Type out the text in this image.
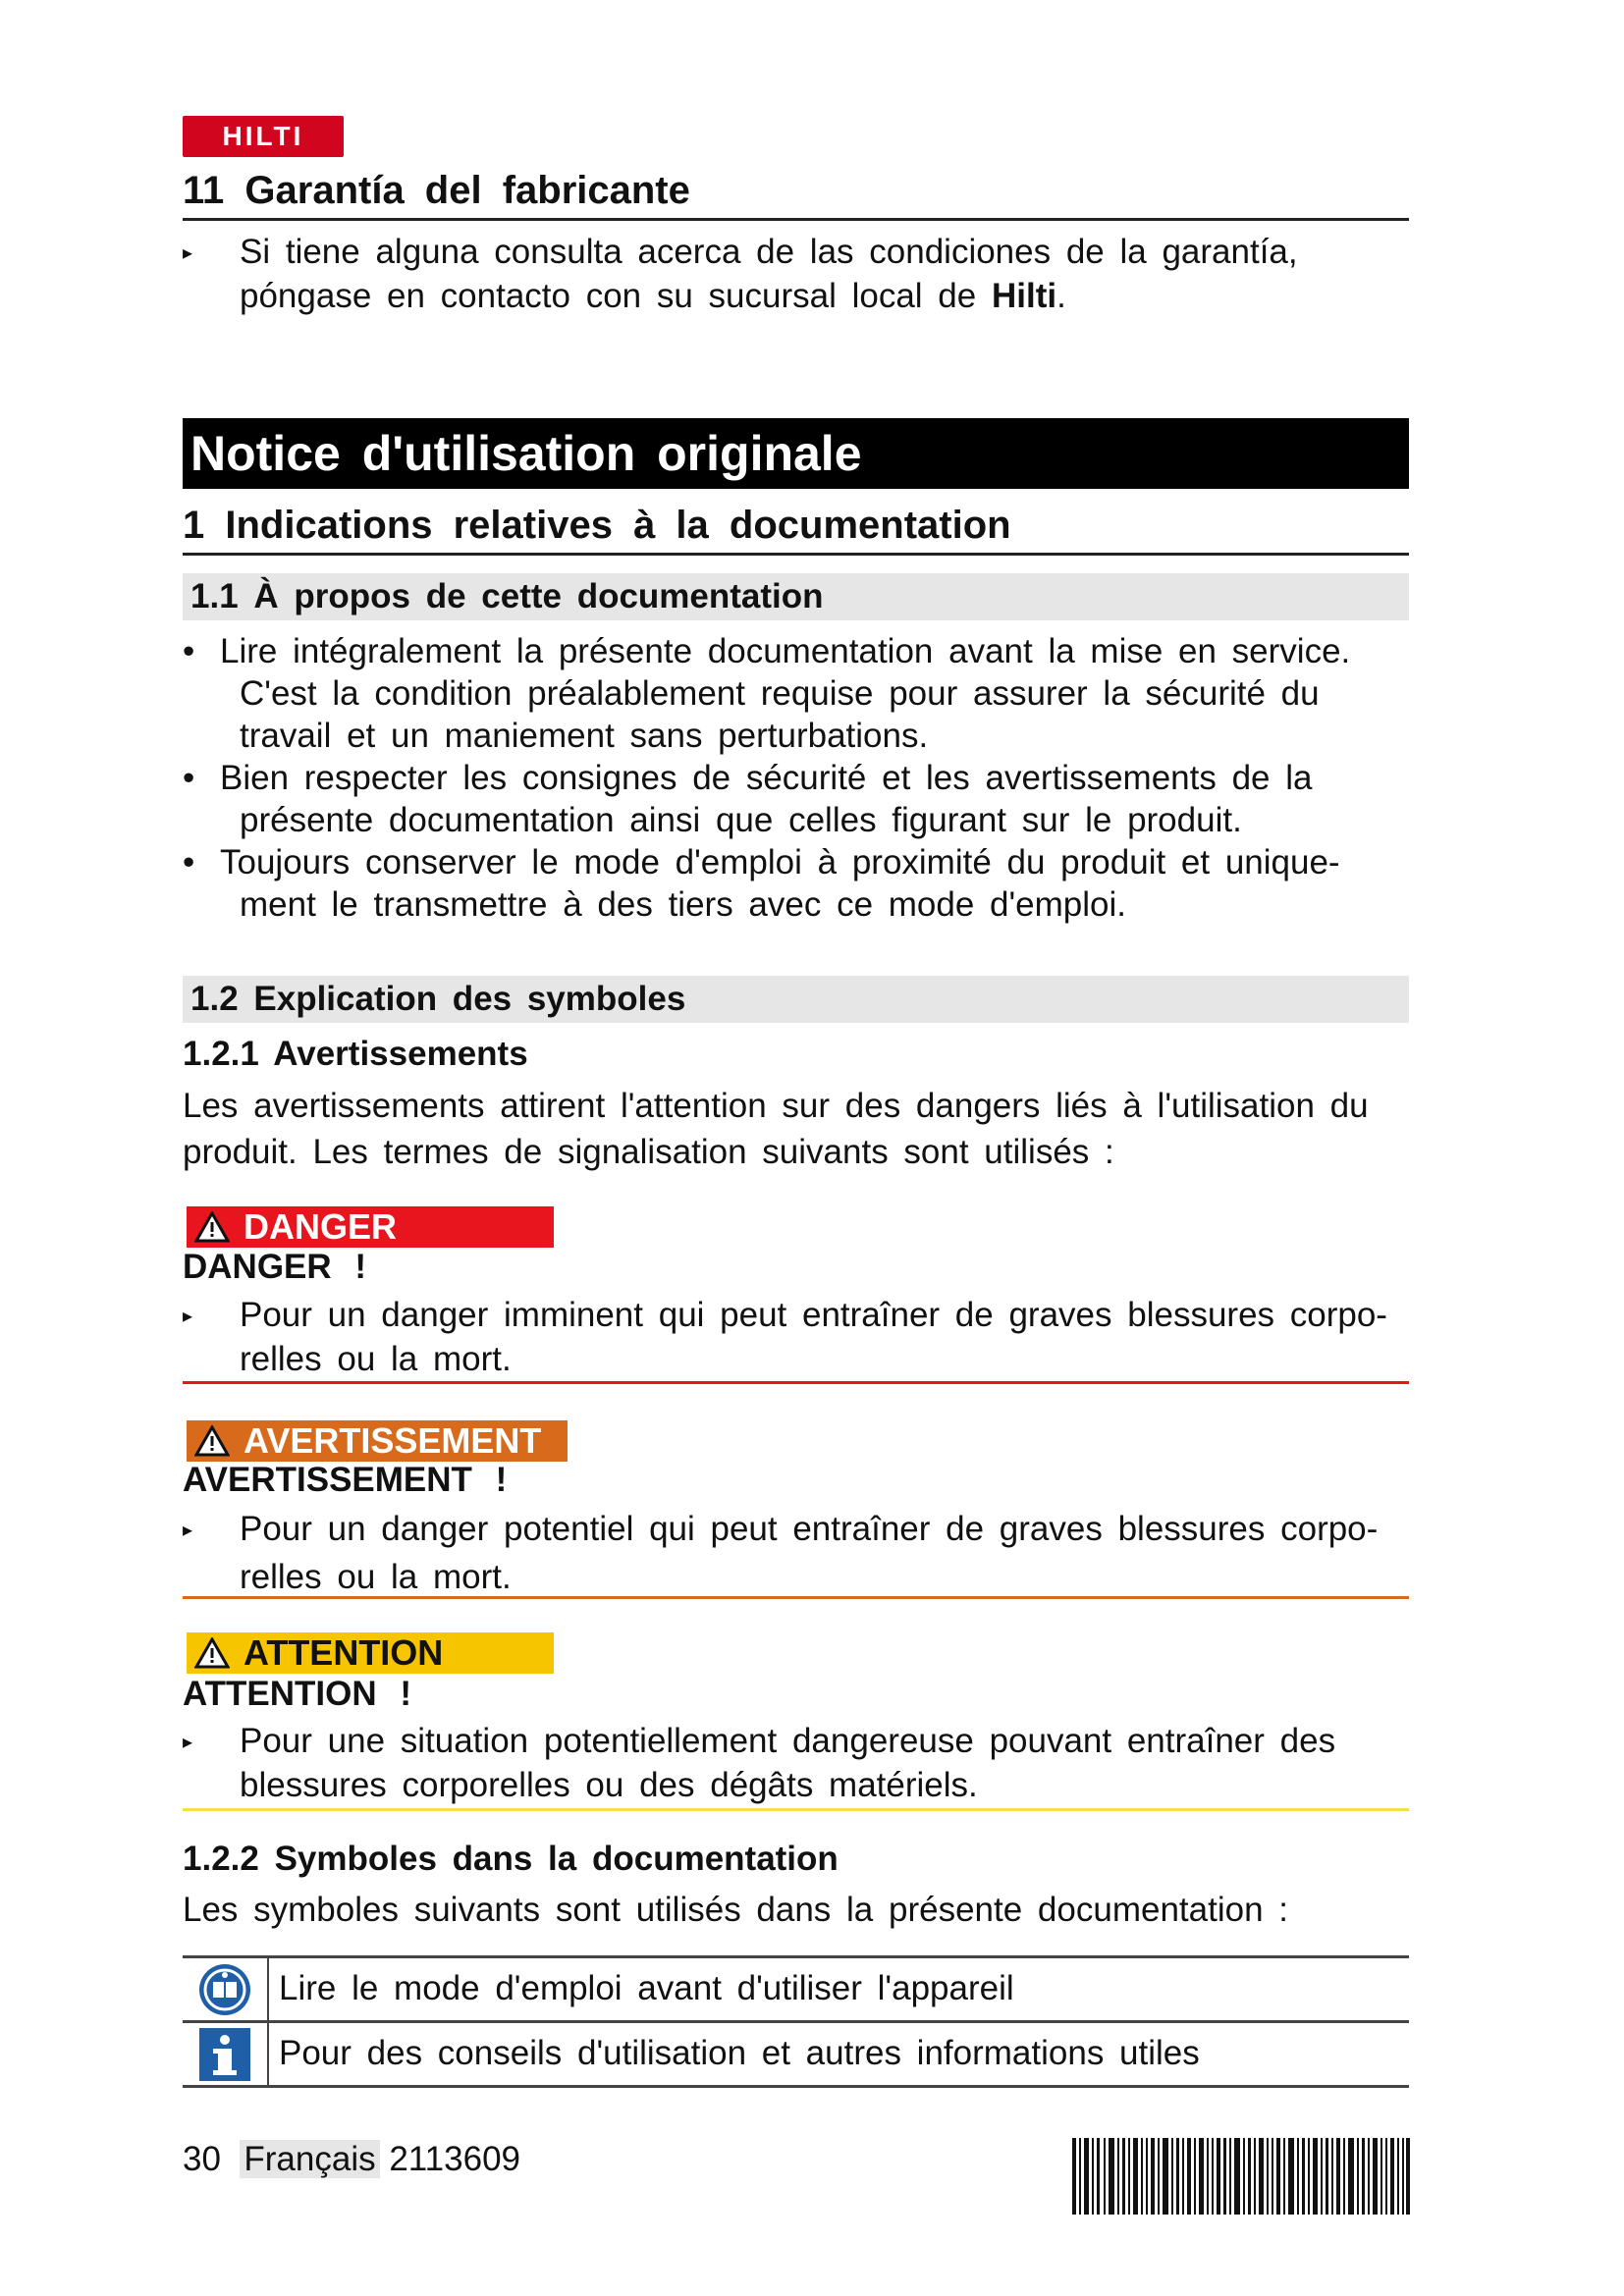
HILTI
11 Garantía del fabricante
▸ Si tiene alguna consulta acerca de las condiciones de la garantía,
póngase en contacto con su sucursal local de Hilti.
Notice d'utilisation originale
1 Indications relatives à la documentation
1.1 À propos de cette documentation
• Lire intégralement la présente documentation avant la mise en service.
C'est la condition préalablement requise pour assurer la sécurité du
travail et un maniement sans perturbations.
• Bien respecter les consignes de sécurité et les avertissements de la
présente documentation ainsi que celles figurant sur le produit.
• Toujours conserver le mode d'emploi à proximité du produit et unique-
ment le transmettre à des tiers avec ce mode d'emploi.
1.2 Explication des symboles
1.2.1 Avertissements
Les avertissements attirent l'attention sur des dangers liés à l'utilisation du
produit. Les termes de signalisation suivants sont utilisés :
DANGER
DANGER !
▸ Pour un danger imminent qui peut entraîner de graves blessures corpo-
relles ou la mort.
AVERTISSEMENT
AVERTISSEMENT !
▸ Pour un danger potentiel qui peut entraîner de graves blessures corpo-
relles ou la mort.
ATTENTION
ATTENTION !
▸ Pour une situation potentiellement dangereuse pouvant entraîner des
blessures corporelles ou des dégâts matériels.
1.2.2 Symboles dans la documentation
Les symboles suivants sont utilisés dans la présente documentation :
Lire le mode d'emploi avant d'utiliser l'appareil
Pour des conseils d'utilisation et autres informations utiles
30 Français 2113609
